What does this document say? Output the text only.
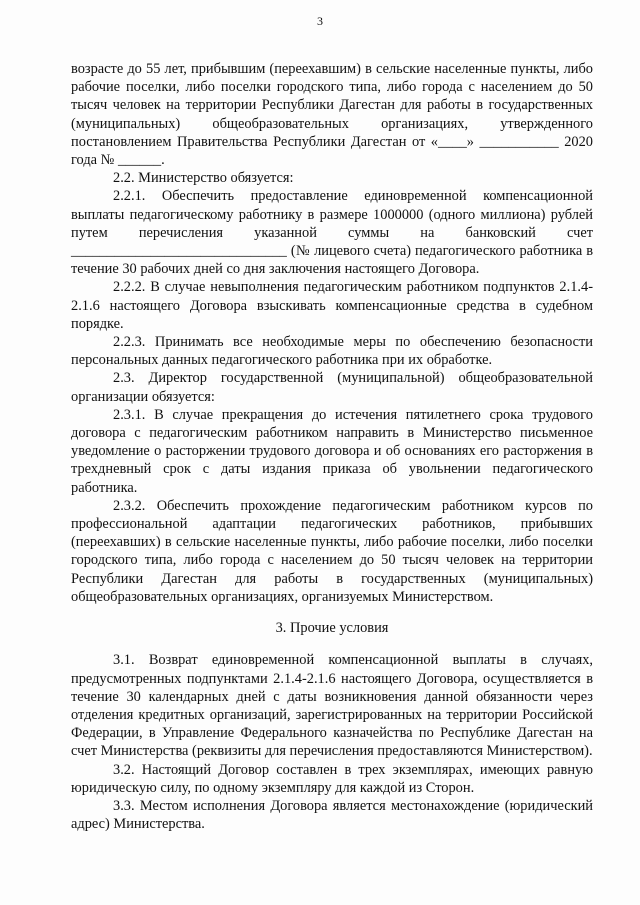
3

возрасте до 55 лет, прибывшим (переехавшим) в сельские населенные пункты, либо рабочие поселки, либо поселки городского типа, либо города с населением до 50 тысяч человек на территории Республики Дагестан для работы в государственных (муниципальных) общеобразовательных организациях, утвержденного постановлением Правительства Республики Дагестан от «____» ___________ 2020 года № ______.

2.2. Министерство обязуется:

2.2.1. Обеспечить предоставление единовременной компенсационной выплаты педагогическому работнику в размере 1000000 (одного миллиона) рублей путем перечисления указанной суммы на банковский счет ______________________________ (№ лицевого счета) педагогического работника в течение 30 рабочих дней со дня заключения настоящего Договора.

2.2.2. В случае невыполнения педагогическим работником подпунктов 2.1.4-2.1.6 настоящего Договора взыскивать компенсационные средства в судебном порядке.

2.2.3. Принимать все необходимые меры по обеспечению безопасности персональных данных педагогического работника при их обработке.

2.3. Директор государственной (муниципальной) общеобразовательной организации обязуется:

2.3.1. В случае прекращения до истечения пятилетнего срока трудового договора с педагогическим работником направить в Министерство письменное уведомление о расторжении трудового договора и об основаниях его расторжения в трехдневный срок с даты издания приказа об увольнении педагогического работника.

2.3.2. Обеспечить прохождение педагогическим работником курсов по профессиональной адаптации педагогических работников, прибывших (переехавших) в сельские населенные пункты, либо рабочие поселки, либо поселки городского типа, либо города с населением до 50 тысяч человек на территории Республики Дагестан для работы в государственных (муниципальных) общеобразовательных организациях, организуемых Министерством.

3. Прочие условия

3.1. Возврат единовременной компенсационной выплаты в случаях, предусмотренных подпунктами 2.1.4-2.1.6 настоящего Договора, осуществляется в течение 30 календарных дней с даты возникновения данной обязанности через отделения кредитных организаций, зарегистрированных на территории Российской Федерации, в Управление Федерального казначейства по Республике Дагестан на счет Министерства (реквизиты для перечисления предоставляются Министерством).

3.2. Настоящий Договор составлен в трех экземплярах, имеющих равную юридическую силу, по одному экземпляру для каждой из Сторон.

3.3. Местом исполнения Договора является местонахождение (юридический адрес) Министерства.
